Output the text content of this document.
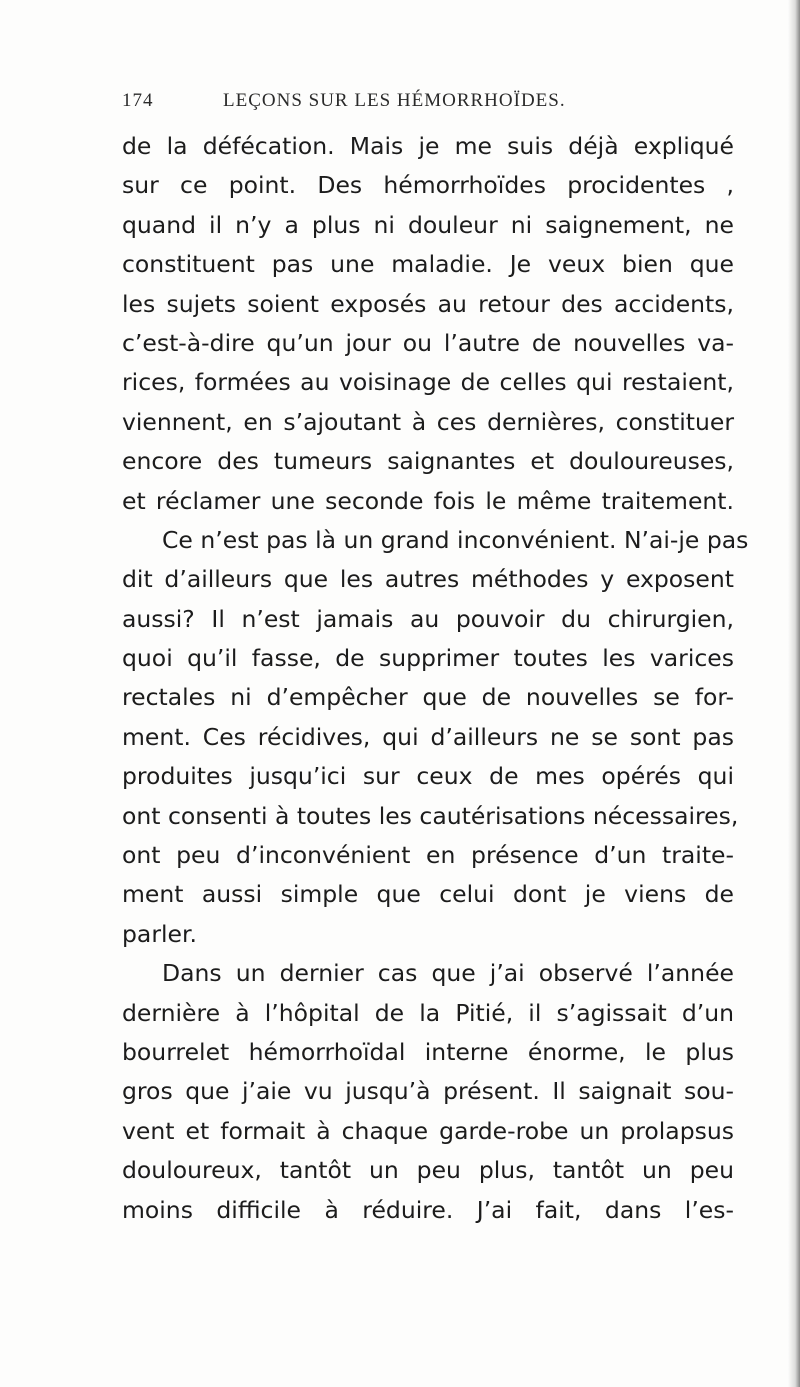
174	LEÇONS SUR LES HÉMORRHOÏDES.
de la défécation. Mais je me suis déjà expliqué
sur ce point. Des hémorrhoïdes procidentes ,
quand il n’y a plus ni douleur ni saignement, ne
constituent pas une maladie. Je veux bien que
les sujets soient exposés au retour des accidents,
c’est-à-dire qu’un jour ou l’autre de nouvelles va-
rices, formées au voisinage de celles qui restaient,
viennent, en s’ajoutant à ces dernières, constituer
encore des tumeurs saignantes et douloureuses,
et réclamer une seconde fois le même traitement.
Ce n’est pas là un grand inconvénient. N’ai-je pas
dit d’ailleurs que les autres méthodes y exposent
aussi? Il n’est jamais au pouvoir du chirurgien,
quoi qu’il fasse, de supprimer toutes les varices
rectales ni d’empêcher que de nouvelles se for-
ment. Ces récidives, qui d’ailleurs ne se sont pas
produites jusqu’ici sur ceux de mes opérés qui
ont consenti à toutes les cautérisations nécessaires,
ont peu d’inconvénient en présence d’un traite-
ment aussi simple que celui dont je viens de
parler.
Dans un dernier cas que j’ai observé l’année
dernière à l’hôpital de la Pitié, il s’agissait d’un
bourrelet hémorrhoïdal interne énorme, le plus
gros que j’aie vu jusqu’à présent. Il saignait sou-
vent et formait à chaque garde-robe un prolapsus
douloureux, tantôt un peu plus, tantôt un peu
moins difficile à réduire. J’ai fait, dans l’es-
